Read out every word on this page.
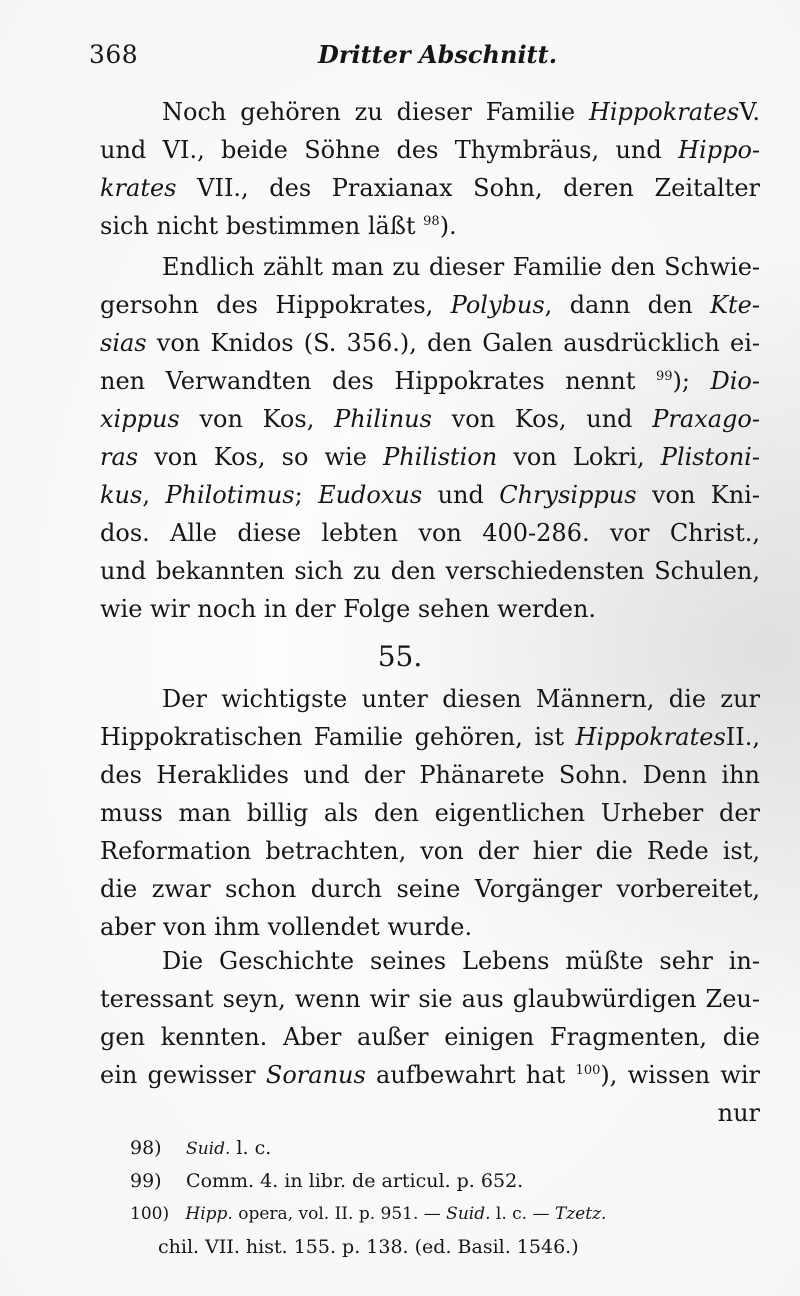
368	Dritter Abschnitt.
Noch gehören zu dieser Familie HippokratesV.
und VI., beide Söhne des Thymbräus, und Hippo-
krates VII., des Praxianax Sohn, deren Zeitalter
sich nicht bestimmen läßt $^{98}$).
Endlich zählt man zu dieser Familie den Schwie-
gersohn des Hippokrates, Polybus, dann den Kte-
sias von Knidos (S. 356.), den Galen ausdrücklich ei-
nen Verwandten des Hippokrates nennt $^{99}$); Dio-
xippus von Kos, Philinus von Kos, und Praxago-
ras von Kos, so wie Philistion von Lokri, Plistoni-
kus, Philotimus; Eudoxus und Chrysippus von Kni-
dos. Alle diese lebten von 400-286. vor Christ.,
und bekannten sich zu den verschiedensten Schulen,
wie wir noch in der Folge sehen werden.
55.
Der wichtigste unter diesen Männern, die zur
Hippokratischen Familie gehören, ist HippokratesII.,
des Heraklides und der Phänarete Sohn. Denn ihn
muss man billig als den eigentlichen Urheber der
Reformation betrachten, von der hier die Rede ist,
die zwar schon durch seine Vorgänger vorbereitet,
aber von ihm vollendet wurde.
Die Geschichte seines Lebens müßte sehr in-
teressant seyn, wenn wir sie aus glaubwürdigen Zeu-
gen kennten. Aber außer einigen Fragmenten, die
ein gewisser Soranus aufbewahrt hat $^{100}$), wissen wir
nur
98) Suid. l. c.
99) Comm. 4. in libr. de articul. p. 652.
100) Hipp. opera, vol. II. p. 951. — Suid. l. c. — Tzetz.
chil. VII. hist. 155. p. 138. (ed. Basil. 1546.)
